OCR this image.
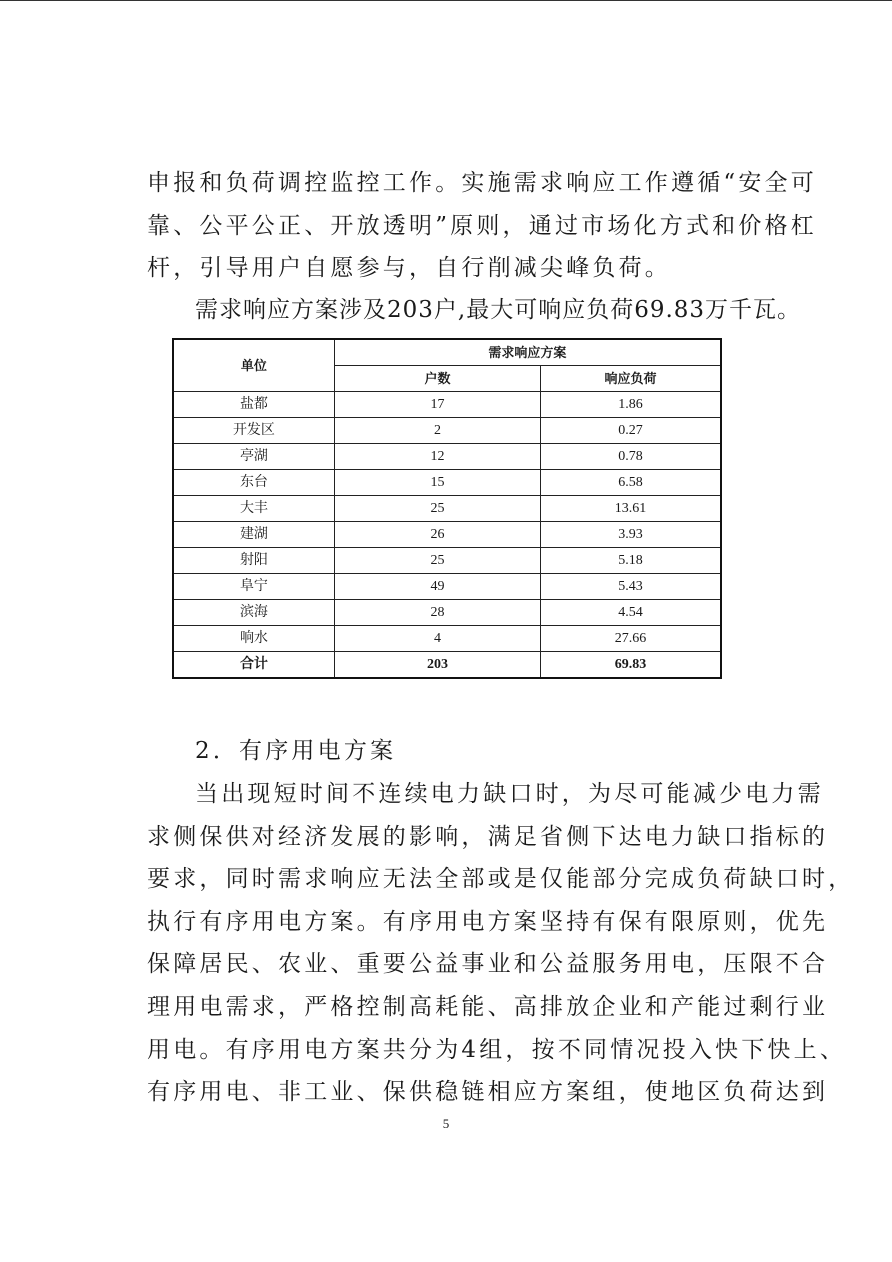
申报和负荷调控监控工作。实施需求响应工作遵循“安全可
靠、公平公正、开放透明”原则，通过市场化方式和价格杠
杆，引导用户自愿参与，自行削减尖峰负荷。
需求响应方案涉及203户,最大可响应负荷69.83万千瓦。
单位	需求响应方案	
	户数	响应负荷
盐都	17	1.86
开发区	2	0.27
亭湖	12	0.78
东台	15	6.58
大丰	25	13.61
建湖	26	3.93
射阳	25	5.18
阜宁	49	5.43
滨海	28	4.54
响水	4	27.66
合计	203	69.83
2．有序用电方案
当出现短时间不连续电力缺口时，为尽可能减少电力需
求侧保供对经济发展的影响，满足省侧下达电力缺口指标的
要求，同时需求响应无法全部或是仅能部分完成负荷缺口时，
执行有序用电方案。有序用电方案坚持有保有限原则，优先
保障居民、农业、重要公益事业和公益服务用电，压限不合
理用电需求，严格控制高耗能、高排放企业和产能过剩行业
用电。有序用电方案共分为4组，按不同情况投入快下快上、
有序用电、非工业、保供稳链相应方案组，使地区负荷达到
5
